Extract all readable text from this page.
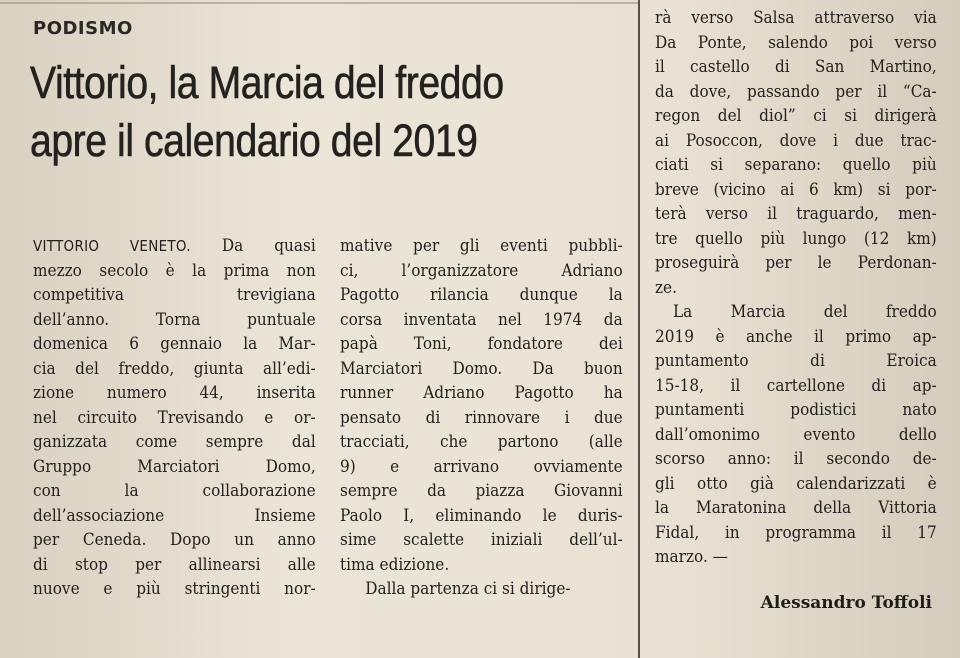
PODISMO
Vittorio, la Marcia del freddo
apre il calendario del 2019
VITTORIO VENETO. Da quasi
mezzo secolo è la prima non
competitiva trevigiana
dell’anno. Torna puntuale
domenica 6 gennaio la Mar-
cia del freddo, giunta all’edi-
zione numero 44, inserita
nel circuito Trevisando e or-
ganizzata come sempre dal
Gruppo Marciatori Domo,
con la collaborazione
dell’associazione Insieme
per Ceneda. Dopo un anno
di stop per allinearsi alle
nuove e più stringenti nor-
mative per gli eventi pubbli-
ci, l’organizzatore Adriano
Pagotto rilancia dunque la
corsa inventata nel 1974 da
papà Toni, fondatore dei
Marciatori Domo. Da buon
runner Adriano Pagotto ha
pensato di rinnovare i due
tracciati, che partono (alle
9) e arrivano ovviamente
sempre da piazza Giovanni
Paolo I, eliminando le duris-
sime scalette iniziali dell’ul-
tima edizione.
Dalla partenza ci si dirige-
rà verso Salsa attraverso via
Da Ponte, salendo poi verso
il castello di San Martino,
da dove, passando per il “Ca-
regon del diol” ci si dirigerà
ai Posoccon, dove i due trac-
ciati si separano: quello più
breve (vicino ai 6 km) si por-
terà verso il traguardo, men-
tre quello più lungo (12 km)
proseguirà per le Perdonan-
ze.
La Marcia del freddo
2019 è anche il primo ap-
puntamento di Eroica
15-18, il cartellone di ap-
puntamenti podistici nato
dall’omonimo evento dello
scorso anno: il secondo de-
gli otto già calendarizzati è
la Maratonina della Vittoria
Fidal, in programma il 17
marzo. —
Alessandro Toffoli
